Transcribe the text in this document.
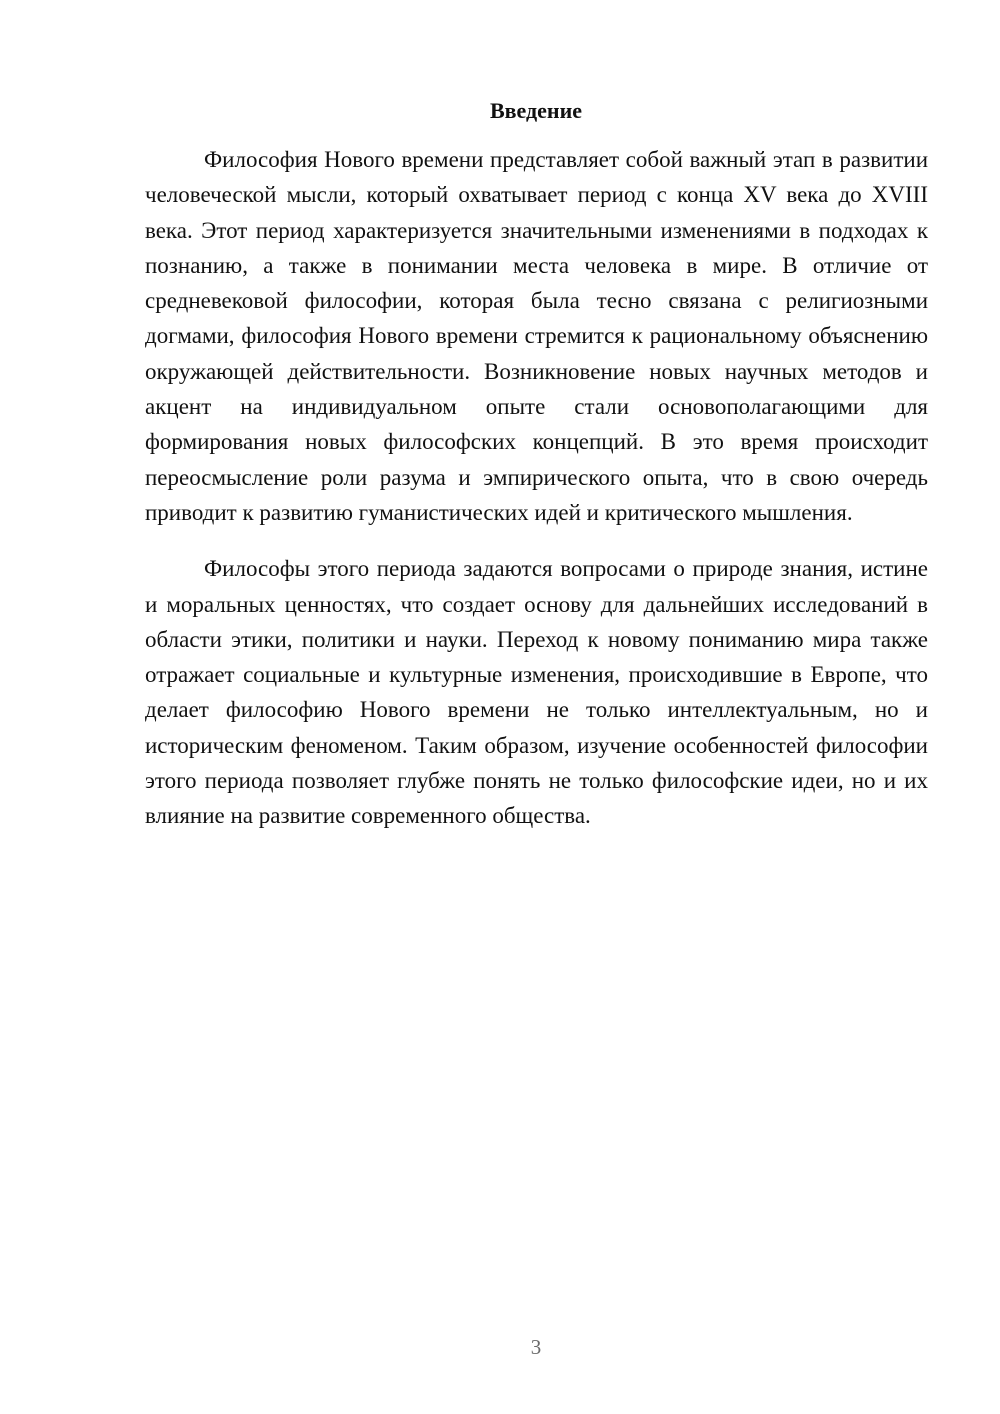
Введение

Философия Нового времени представляет собой важный этап в развитии человеческой мысли, который охватывает период с конца XV века до XVIII века. Этот период характеризуется значительными изменениями в подходах к познанию, а также в понимании места человека в мире. В отличие от средневековой философии, которая была тесно связана с религиозными догмами, философия Нового времени стремится к рациональному объяснению окружающей действительности. Возникновение новых научных методов и акцент на индивидуальном опыте стали основополагающими для формирования новых философских концепций. В это время происходит переосмысление роли разума и эмпирического опыта, что в свою очередь приводит к развитию гуманистических идей и критического мышления.

Философы этого периода задаются вопросами о природе знания, истине и моральных ценностях, что создает основу для дальнейших исследований в области этики, политики и науки. Переход к новому пониманию мира также отражает социальные и культурные изменения, происходившие в Европе, что делает философию Нового времени не только интеллектуальным, но и историческим феноменом. Таким образом, изучение особенностей философии этого периода позволяет глубже понять не только философские идеи, но и их влияние на развитие современного общества.

3
